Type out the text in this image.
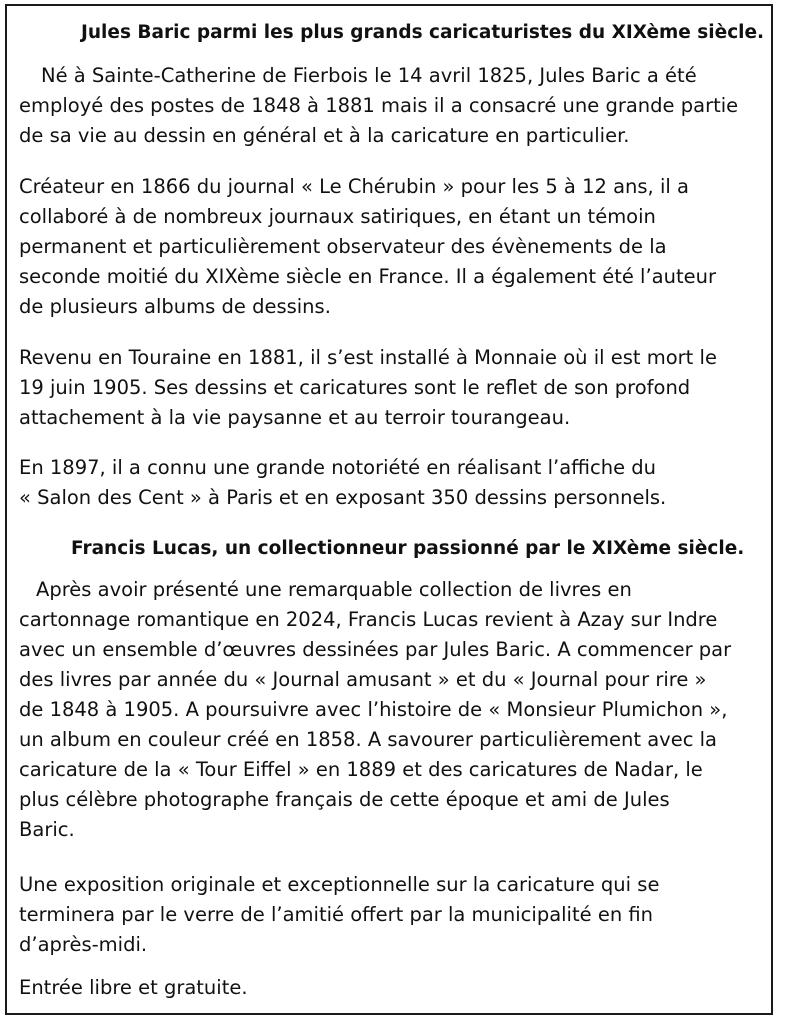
Jules Baric parmi les plus grands caricaturistes du XIXème siècle.

Né à Sainte-Catherine de Fierbois le 14 avril 1825, Jules Baric a été
employé des postes de 1848 à 1881 mais il a consacré une grande partie
de sa vie au dessin en général et à la caricature en particulier.

Créateur en 1866 du journal « Le Chérubin » pour les 5 à 12 ans, il a
collaboré à de nombreux journaux satiriques, en étant un témoin
permanent et particulièrement observateur des évènements de la
seconde moitié du XIXème siècle en France. Il a également été l’auteur
de plusieurs albums de dessins.

Revenu en Touraine en 1881, il s’est installé à Monnaie où il est mort le
19 juin 1905. Ses dessins et caricatures sont le reflet de son profond
attachement à la vie paysanne et au terroir tourangeau.

En 1897, il a connu une grande notoriété en réalisant l’affiche du
« Salon des Cent » à Paris et en exposant 350 dessins personnels.

Francis Lucas, un collectionneur passionné par le XIXème siècle.

Après avoir présenté une remarquable collection de livres en
cartonnage romantique en 2024, Francis Lucas revient à Azay sur Indre
avec un ensemble d’œuvres dessinées par Jules Baric. A commencer par
des livres par année du « Journal amusant » et du « Journal pour rire »
de 1848 à 1905. A poursuivre avec l’histoire de « Monsieur Plumichon »,
un album en couleur créé en 1858. A savourer particulièrement avec la
caricature de la « Tour Eiffel » en 1889 et des caricatures de Nadar, le
plus célèbre photographe français de cette époque et ami de Jules
Baric.

Une exposition originale et exceptionnelle sur la caricature qui se
terminera par le verre de l’amitié offert par la municipalité en fin
d’après-midi.

Entrée libre et gratuite.
